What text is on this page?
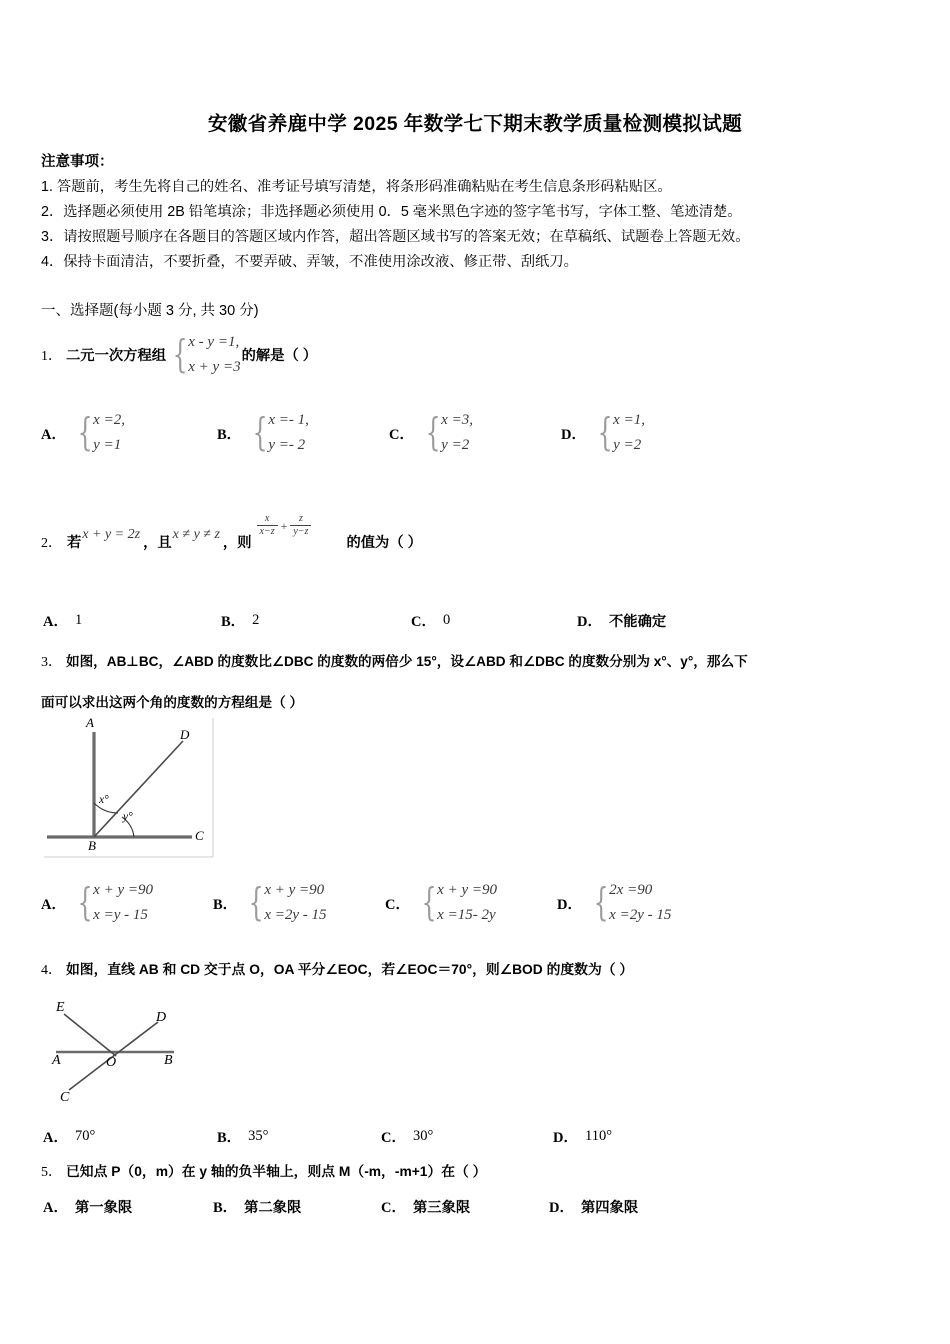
安徽省养鹿中学 2025 年数学七下期末教学质量检测模拟试题
注意事项：
1. 答题前，考生先将自己的姓名、准考证号填写清楚，将条形码准确粘贴在考生信息条形码粘贴区。
2．选择题必须使用 2B 铅笔填涂；非选择题必须使用 0．5 毫米黑色字迹的签字笔书写，字体工整、笔迹清楚。
3．请按照题号顺序在各题目的答题区域内作答，超出答题区域书写的答案无效；在草稿纸、试题卷上答题无效。
4．保持卡面清洁，不要折叠，不要弄破、弄皱，不准使用涂改液、修正带、刮纸刀。
一、选择题(每小题 3 分, 共 30 分)
1． 二元一次方程组 { x - y =1,
x + y =3
的解是（ ）
A． { x =2,
y =1
B． { x =- 1,
y =- 2
C． { x =3,
y =2
D． { x =1,
y =2
2． 若
x + y = 2z
，且
x ≠ y ≠ z
，则
$\frac{x}{x-z} + \frac{z}{y-z}$
的值为（ ）
A． 1	B． 2	C． 0	D． 不能确定
3． 如图，AB⊥BC，∠ABD 的度数比∠DBC 的度数的两倍少 15°，设∠ABD 和∠DBC 的度数分别为 x°、y°，那么下
面可以求出这两个角的度数的方程组是（ ）
A
D
C
B
x°
y°
A． { x + y =90
x =y - 15
B． { x + y =90
x =2y - 15
C． { x + y =90
x =15- 2y
D． { 2x =90
x =2y - 15
4． 如图，直线 AB 和 CD 交于点 O，OA 平分∠EOC，若∠EOC＝70°，则∠BOD 的度数为（ ）
E
D
A	O	B
C
A． 70°	B． 35°	C． 30°	D． 110°
5． 已知点 P（0，m）在 y 轴的负半轴上，则点 M（-m，-m+1）在（ ）
A． 第一象限	B． 第二象限	C． 第三象限	D． 第四象限
